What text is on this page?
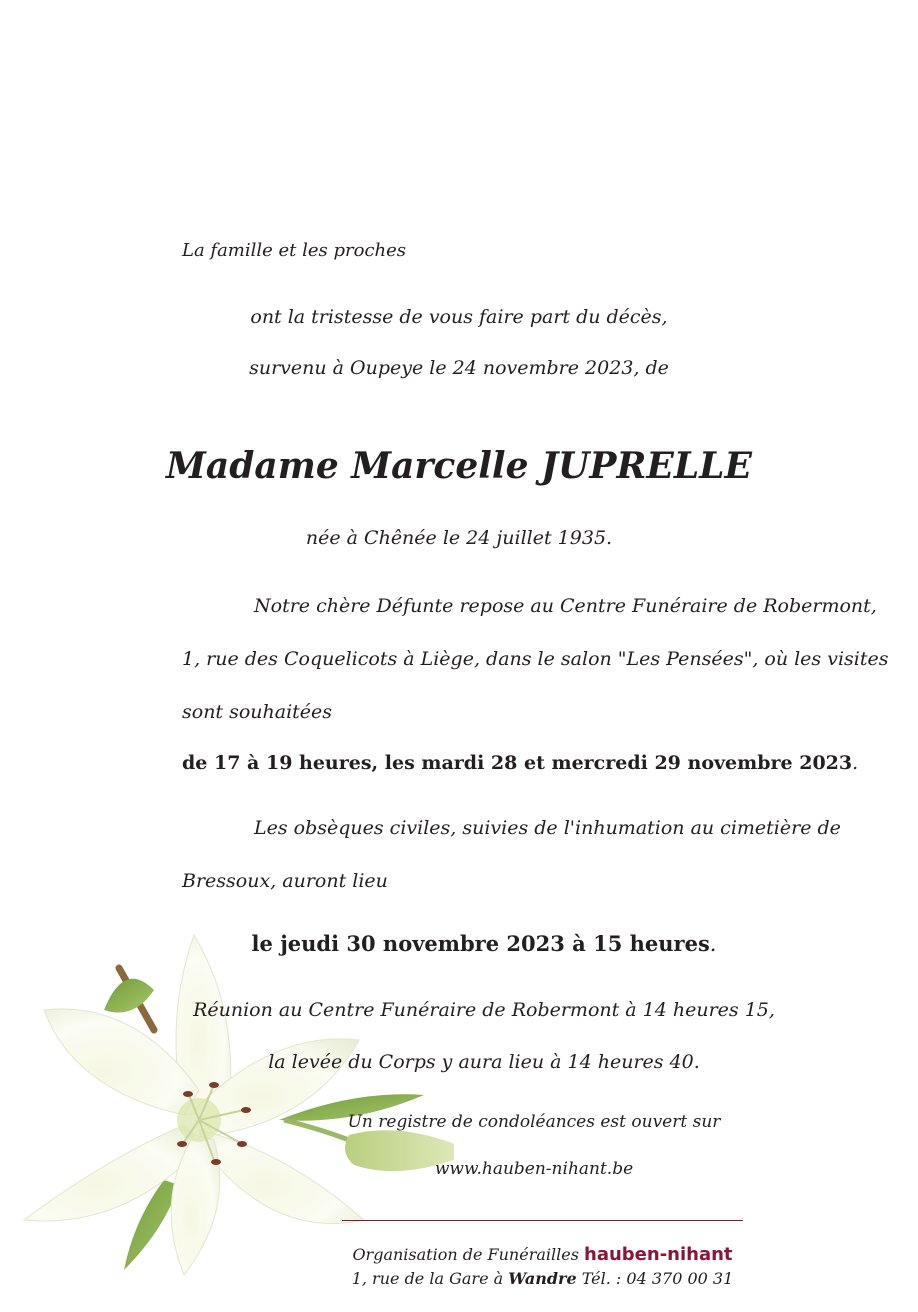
La famille et les proches

ont la tristesse de vous faire part du décès,

survenu à Oupeye le 24 novembre 2023, de

Madame Marcelle JUPRELLE

née à Chênée le 24 juillet 1935.

Notre chère Défunte repose au Centre Funéraire de Robermont,

1, rue des Coquelicots à Liège, dans le salon "Les Pensées", où les visites

sont souhaitées

de 17 à 19 heures, les mardi 28 et mercredi 29 novembre 2023.

Les obsèques civiles, suivies de l'inhumation au cimetière de

Bressoux, auront lieu

le jeudi 30 novembre 2023 à 15 heures.

Réunion au Centre Funéraire de Robermont à 14 heures 15,

la levée du Corps y aura lieu à 14 heures 40.

Un registre de condoléances est ouvert sur

www.hauben-nihant.be

Organisation de Funérailles hauben-nihant

1, rue de la Gare à Wandre Tél. : 04 370 00 31
